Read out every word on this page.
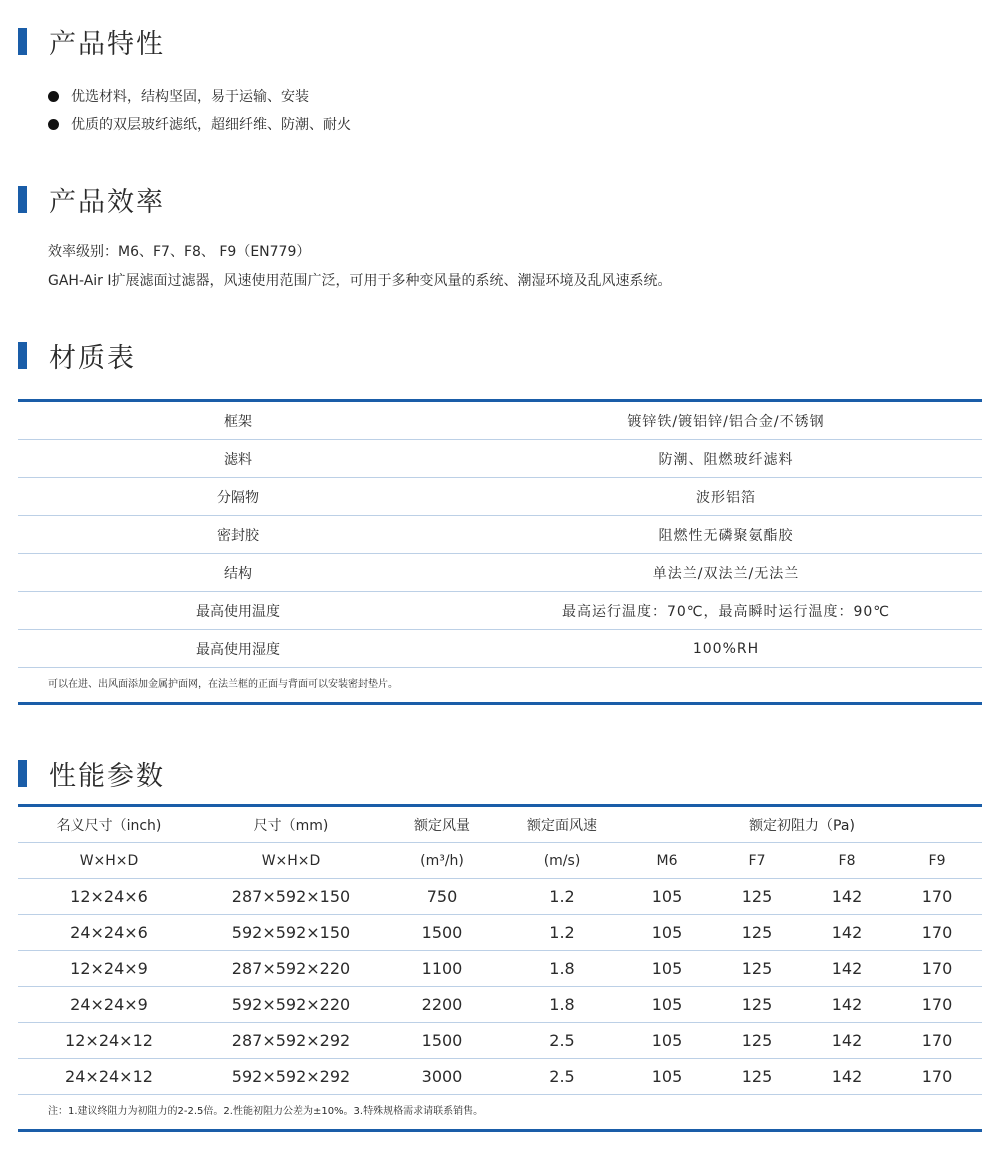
产品特性
优选材料，结构坚固，易于运输、安装
优质的双层玻纤滤纸，超细纤维、防潮、耐火
产品效率
效率级别：M6、F7、F8、 F9（EN779）
GAH-Air Ⅰ扩展滤面过滤器，风速使用范围广泛，可用于多种变风量的系统、潮湿环境及乱风速系统。
材质表
框架	镀锌铁/镀铝锌/铝合金/不锈钢
滤料	防潮、阻燃玻纤滤料
分隔物	波形铝箔
密封胶	阻燃性无磷聚氨酯胶
结构	单法兰/双法兰/无法兰
最高使用温度	最高运行温度：70℃，最高瞬时运行温度：90℃
最高使用湿度	100%RH
可以在进、出风面添加金属护面网，在法兰框的正面与背面可以安装密封垫片。
性能参数
名义尺寸（inch)	尺寸（mm)	额定风量	额定面风速	额定初阻力（Pa)			
W×H×D	W×H×D	(m³/h)	(m/s)	M6	F7	F8	F9
12×24×6	287×592×150	750	1.2	105	125	142	170
24×24×6	592×592×150	1500	1.2	105	125	142	170
12×24×9	287×592×220	1100	1.8	105	125	142	170
24×24×9	592×592×220	2200	1.8	105	125	142	170
12×24×12	287×592×292	1500	2.5	105	125	142	170
24×24×12	592×592×292	3000	2.5	105	125	142	170
注：1.建议终阻力为初阻力的2-2.5倍。2.性能初阻力公差为±10%。3.特殊规格需求请联系销售。
